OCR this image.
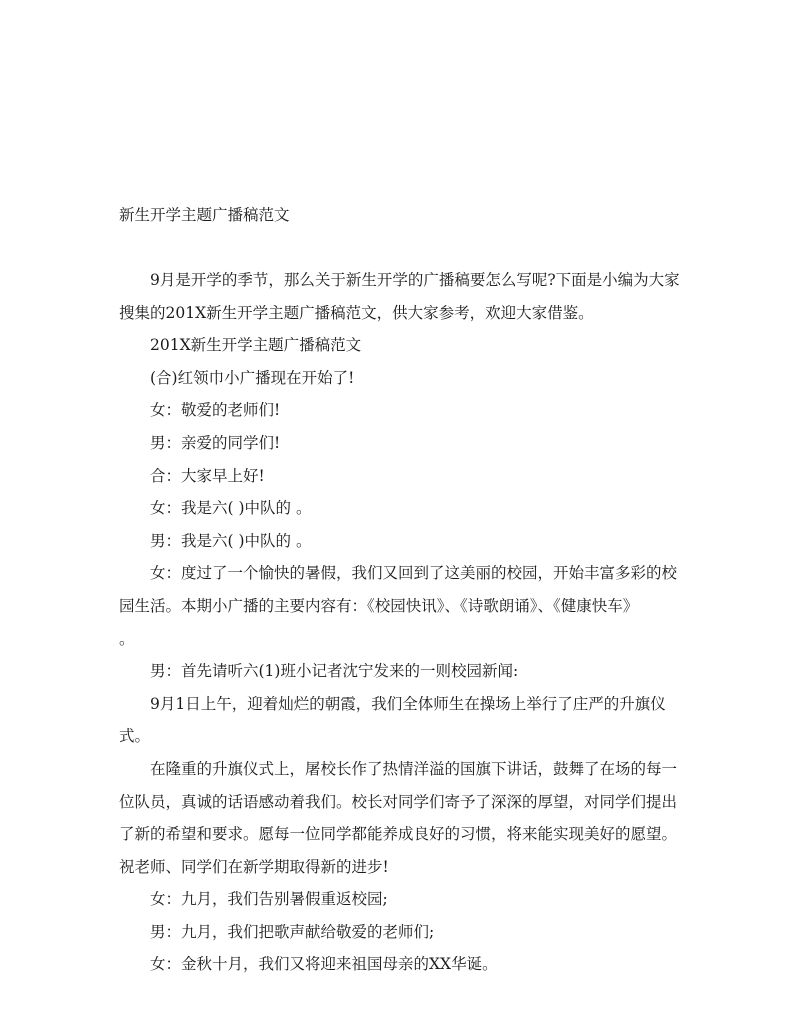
新生开学主题广播稿范文

9月是开学的季节，那么关于新生开学的广播稿要怎么写呢?下面是小编为大家搜集的201X新生开学主题广播稿范文，供大家参考，欢迎大家借鉴。

201X新生开学主题广播稿范文

(合)红领巾小广播现在开始了!

女：敬爱的老师们!

男：亲爱的同学们!

合：大家早上好!

女：我是六( )中队的 。

男：我是六( )中队的 。

女：度过了一个愉快的暑假，我们又回到了这美丽的校园，开始丰富多彩的校园生活。本期小广播的主要内容有：《校园快讯》、《诗歌朗诵》、《健康快车》

。

男：首先请听六(1)班小记者沈宁发来的一则校园新闻:

9月1日上午，迎着灿烂的朝霞，我们全体师生在操场上举行了庄严的升旗仪式。

在隆重的升旗仪式上，屠校长作了热情洋溢的国旗下讲话，鼓舞了在场的每一位队员，真诚的话语感动着我们。校长对同学们寄予了深深的厚望，对同学们提出了新的希望和要求。愿每一位同学都能养成良好的习惯，将来能实现美好的愿望。祝老师、同学们在新学期取得新的进步!

女：九月，我们告别暑假重返校园;

男：九月，我们把歌声献给敬爱的老师们;

女：金秋十月，我们又将迎来祖国母亲的XX华诞。
